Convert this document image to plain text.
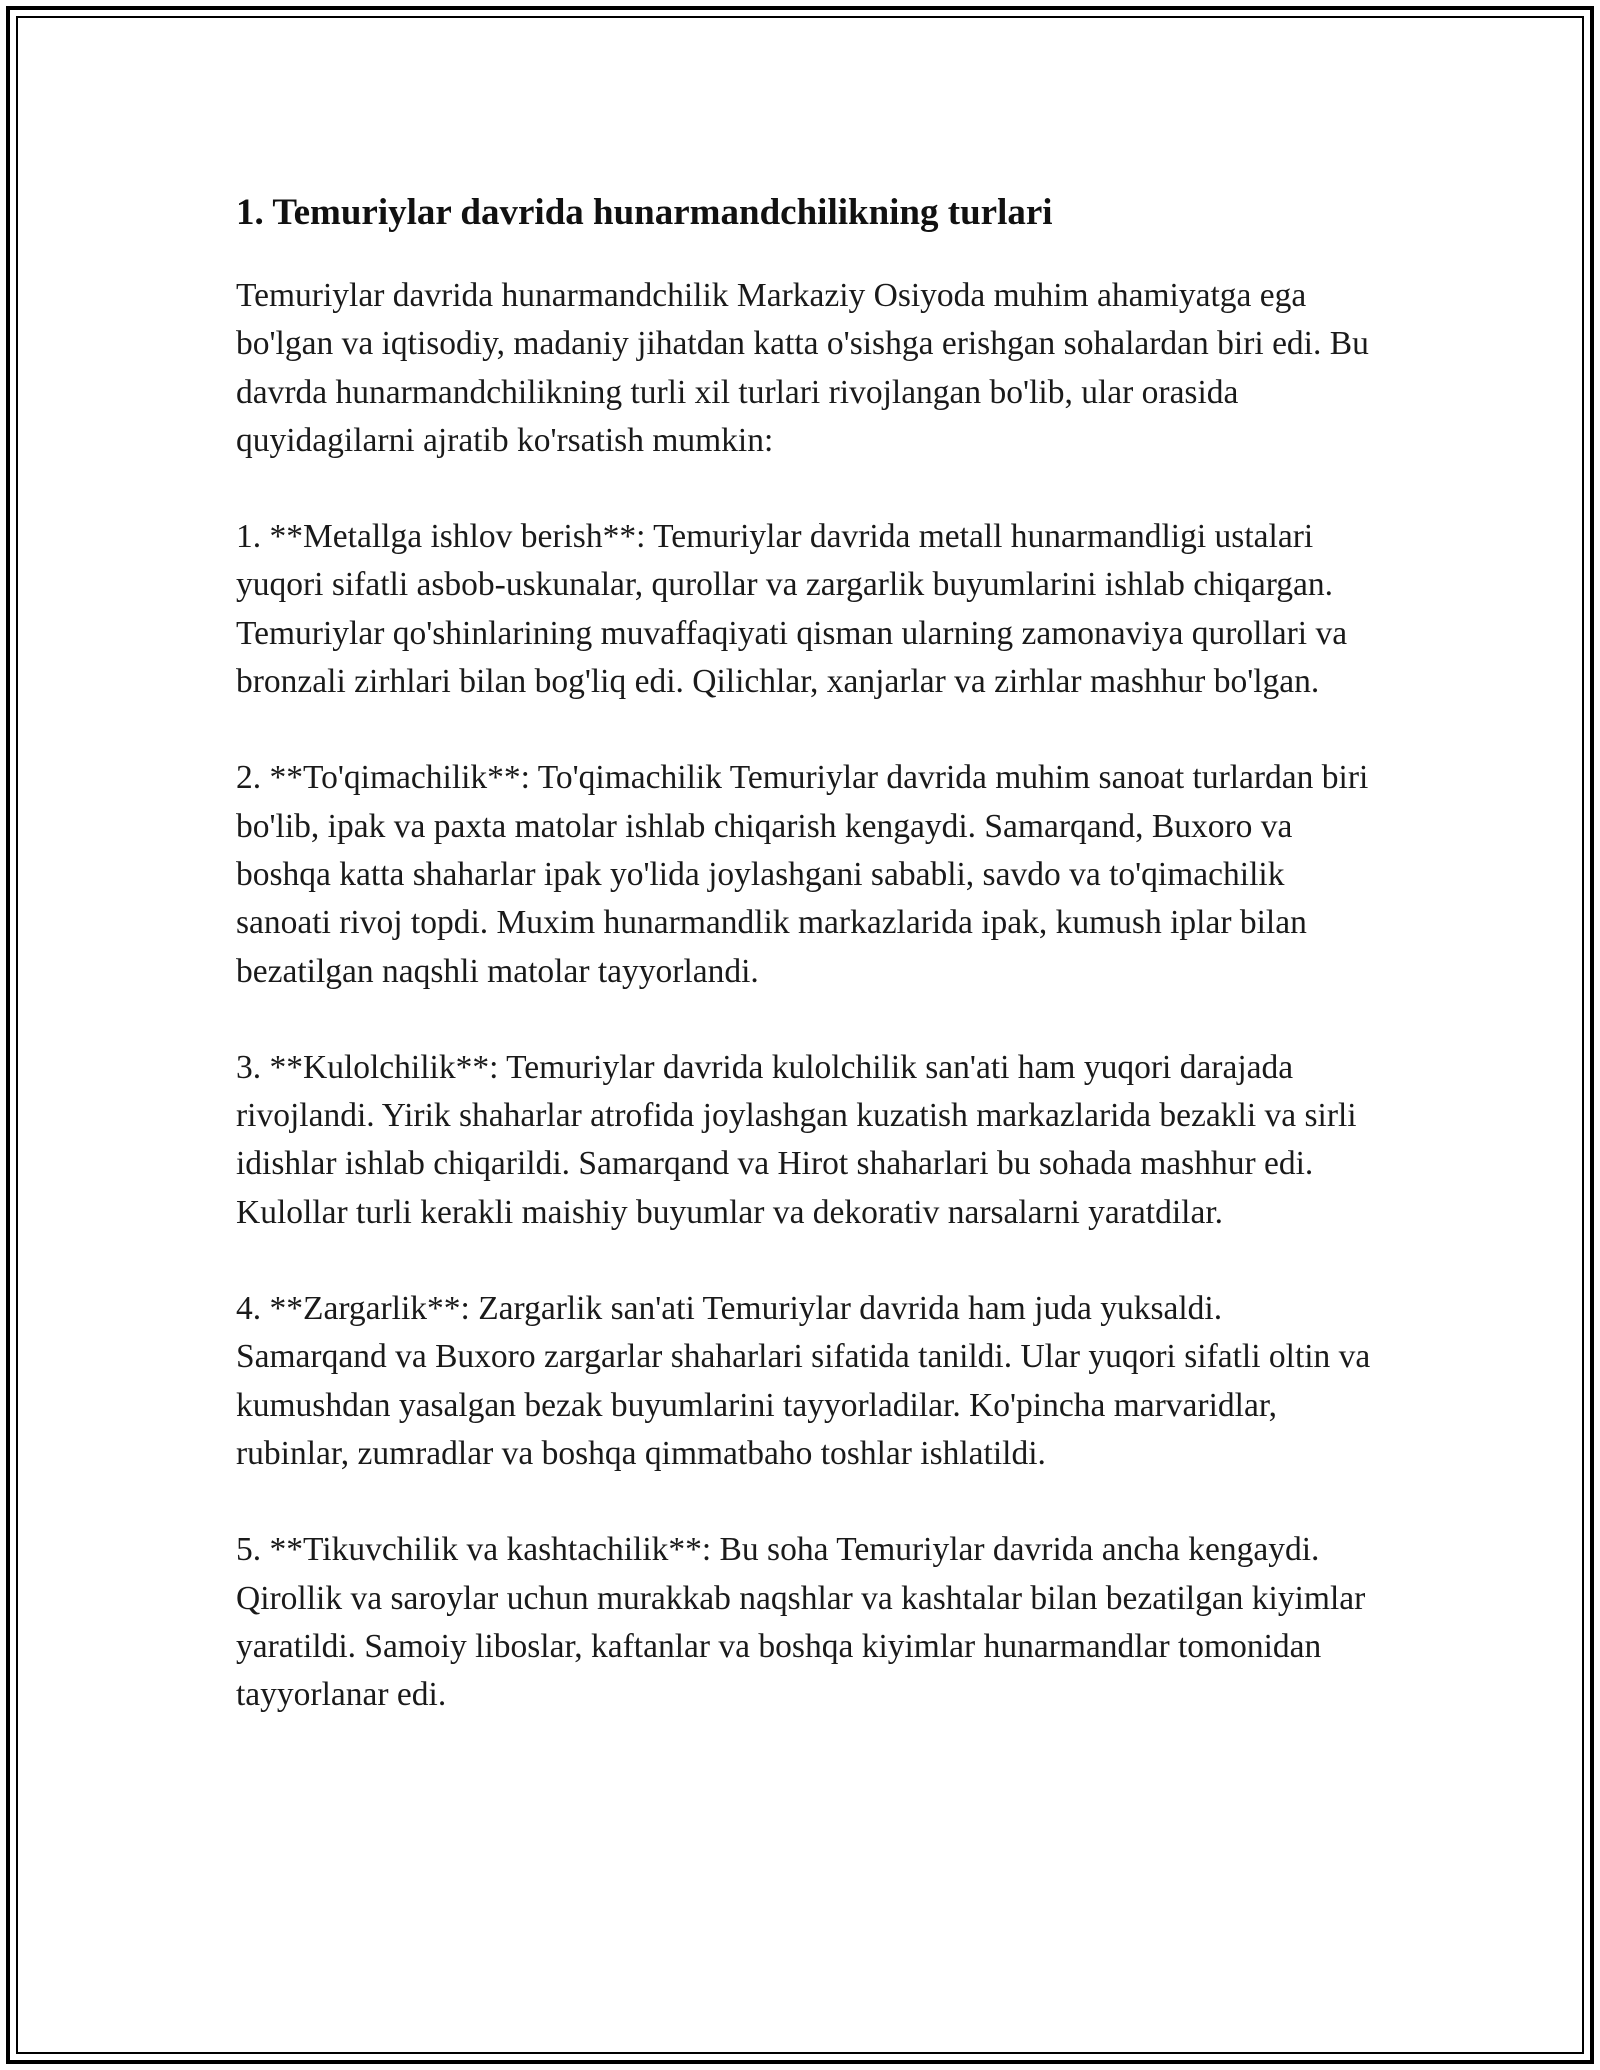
1. Temuriylar davrida hunarmandchilikning turlari

Temuriylar davrida hunarmandchilik Markaziy Osiyoda muhim ahamiyatga ega bo'lgan va iqtisodiy, madaniy jihatdan katta o'sishga erishgan sohalardan biri edi. Bu davrda hunarmandchilikning turli xil turlari rivojlangan bo'lib, ular orasida quyidagilarni ajratib ko'rsatish mumkin:

1. **Metallga ishlov berish**: Temuriylar davrida metall hunarmandligi ustalari yuqori sifatli asbob-uskunalar, qurollar va zargarlik buyumlarini ishlab chiqargan. Temuriylar qo'shinlarining muvaffaqiyati qisman ularning zamonaviya qurollari va bronzali zirhlari bilan bog'liq edi. Qilichlar, xanjarlar va zirhlar mashhur bo'lgan.

2. **To'qimachilik**: To'qimachilik Temuriylar davrida muhim sanoat turlardan biri bo'lib, ipak va paxta matolar ishlab chiqarish kengaydi. Samarqand, Buxoro va boshqa katta shaharlar ipak yo'lida joylashgani sababli, savdo va to'qimachilik sanoati rivoj topdi. Muxim hunarmandlik markazlarida ipak, kumush iplar bilan bezatilgan naqshli matolar tayyorlandi.

3. **Kulolchilik**: Temuriylar davrida kulolchilik san'ati ham yuqori darajada rivojlandi. Yirik shaharlar atrofida joylashgan kuzatish markazlarida bezakli va sirli idishlar ishlab chiqarildi. Samarqand va Hirot shaharlari bu sohada mashhur edi. Kulollar turli kerakli maishiy buyumlar va dekorativ narsalarni yaratdilar.

4. **Zargarlik**: Zargarlik san'ati Temuriylar davrida ham juda yuksaldi. Samarqand va Buxoro zargarlar shaharlari sifatida tanildi. Ular yuqori sifatli oltin va kumushdan yasalgan bezak buyumlarini tayyorladilar. Ko'pincha marvaridlar, rubinlar, zumradlar va boshqa qimmatbaho toshlar ishlatildi.

5. **Tikuvchilik va kashtachilik**: Bu soha Temuriylar davrida ancha kengaydi. Qirollik va saroylar uchun murakkab naqshlar va kashtalar bilan bezatilgan kiyimlar yaratildi. Samoiy liboslar, kaftanlar va boshqa kiyimlar hunarmandlar tomonidan tayyorlanar edi.
